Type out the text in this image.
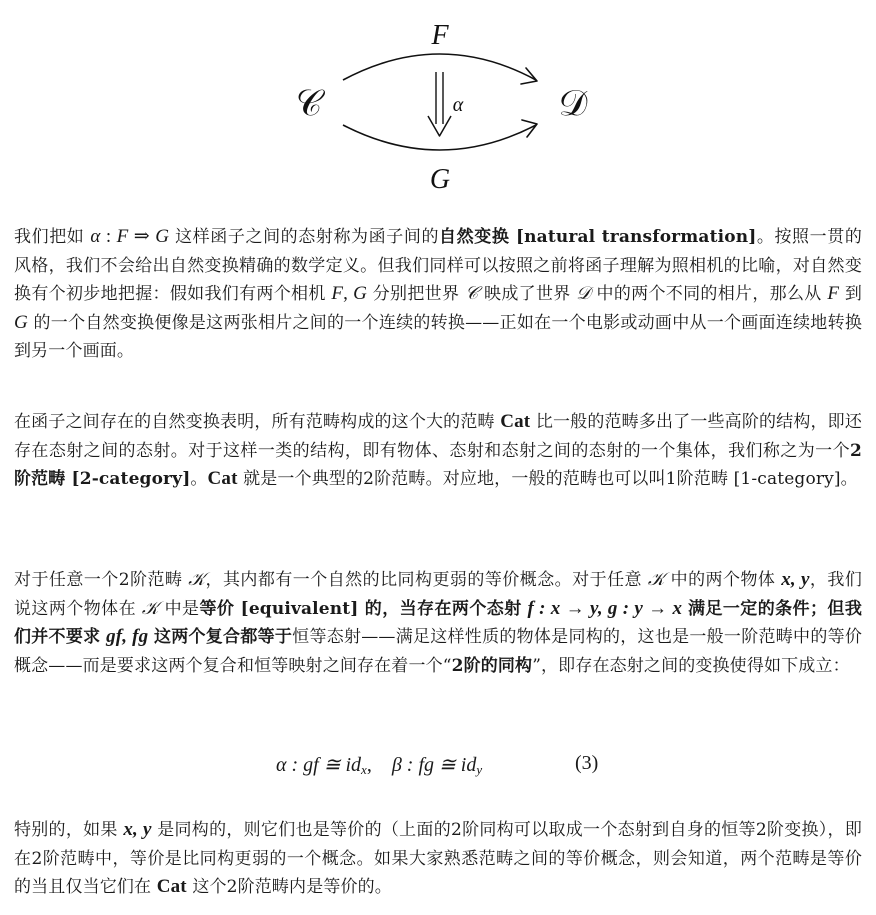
F
G
𝒞	𝒟
α
我们把如 α : F ⇒ G 这样函子之间的态射称为函子间的自然变换 [natural transformation]。按照一贯的风格，我们不会给出自然变换精确的数学定义。但我们同样可以按照之前将函子理解为照相机的比喻，对自然变换有个初步地把握：假如我们有两个相机 F, G 分别把世界 𝒞 映成了世界 𝒟 中的两个不同的相片，那么从 F 到 G 的一个自然变换便像是这两张相片之间的一个连续的转换——正如在一个电影或动画中从一个画面连续地转换到另一个画面。
在函子之间存在的自然变换表明，所有范畴构成的这个大的范畴 Cat 比一般的范畴多出了一些高阶的结构，即还存在态射之间的态射。对于这样一类的结构，即有物体、态射和态射之间的态射的一个集体，我们称之为一个2阶范畴 [2-category]。Cat 就是一个典型的2阶范畴。对应地，一般的范畴也可以叫1阶范畴 [1-category]。
对于任意一个2阶范畴 𝒦，其内都有一个自然的比同构更弱的等价概念。对于任意 𝒦 中的两个物体 x, y，我们说这两个物体在 𝒦 中是等价 [equivalent] 的，当存在两个态射 f : x → y, g : y → x 满足一定的条件；但我们并不要求 gf, fg 这两个复合都等于恒等态射——满足这样性质的物体是同构的，这也是一般一阶范畴中的等价概念——而是要求这两个复合和恒等映射之间存在着一个“2阶的同构”，即存在态射之间的变换使得如下成立：
α : gf ≅ $id_x$,    β : fg ≅ $id_y$	(3)
特别的，如果 x, y 是同构的，则它们也是等价的（上面的2阶同构可以取成一个态射到自身的恒等2阶变换），即在2阶范畴中，等价是比同构更弱的一个概念。如果大家熟悉范畴之间的等价概念，则会知道，两个范畴是等价的当且仅当它们在 Cat 这个2阶范畴内是等价的。
